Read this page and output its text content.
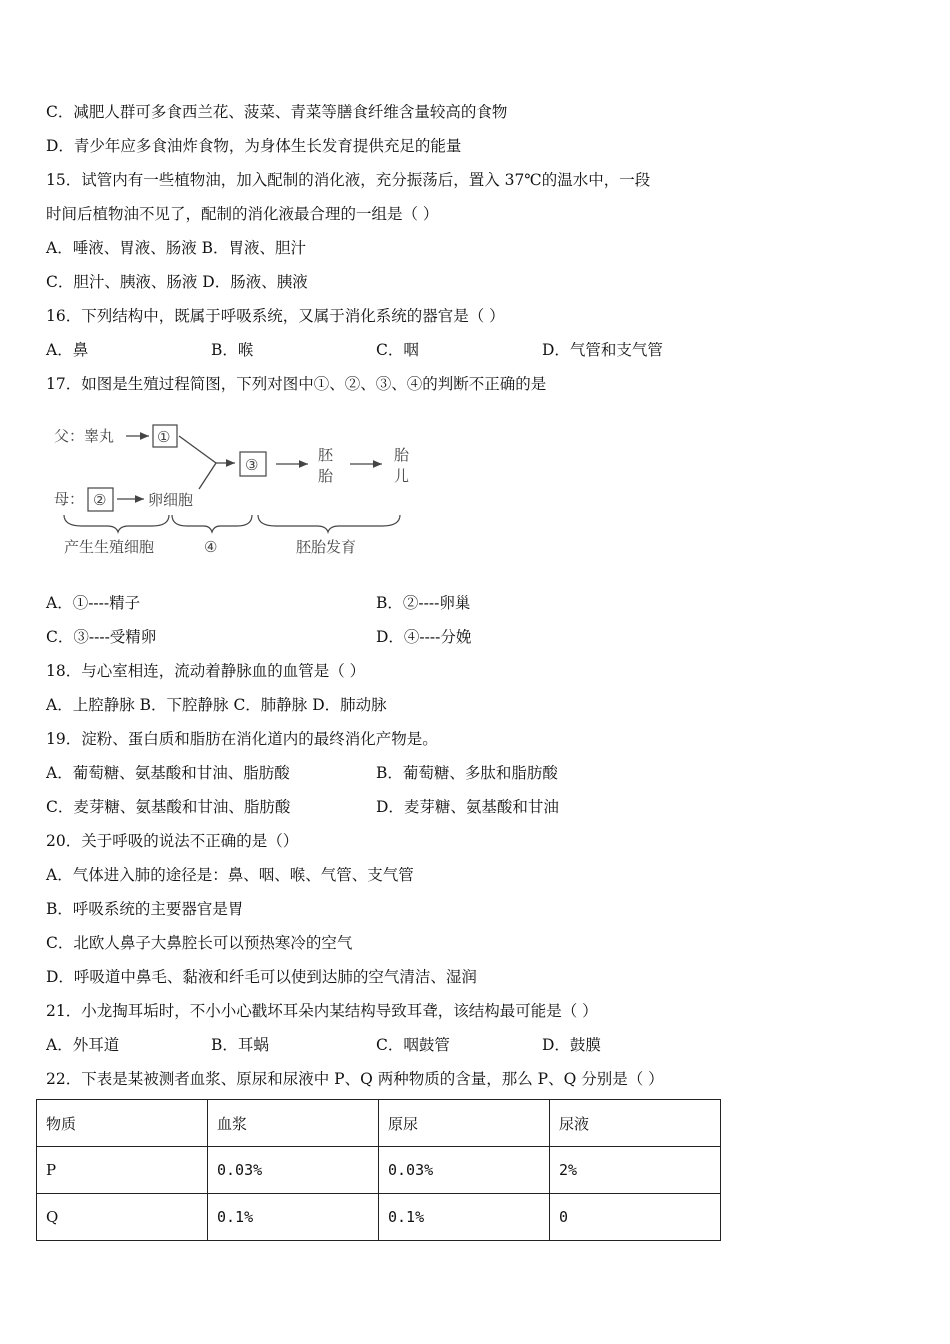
C．减肥人群可多食西兰花、菠菜、青菜等膳食纤维含量较高的食物
D．青少年应多食油炸食物，为身体生长发育提供充足的能量
15．试管内有一些植物油，加入配制的消化液，充分振荡后，置入 37℃的温水中，一段
时间后植物油不见了，配制的消化液最合理的一组是（ ）
A．唾液、胃液、肠液 B．胃液、胆汁
C．胆汁、胰液、肠液 D．肠液、胰液
16．下列结构中，既属于呼吸系统，又属于消化系统的器官是（ ）
A．鼻	B．喉	C．咽	D．气管和支气管
17．如图是生殖过程简图，下列对图中①、②、③、④的判断不正确的是
父：睾丸	①
母： ②	卵细胞
③
胚
胎
胎
儿
产生生殖细胞	④	胚胎发育
A．①----精子	B．②----卵巢
C．③----受精卵	D．④----分娩
18．与心室相连，流动着静脉血的血管是（ ）
A．上腔静脉 B．下腔静脉 C．肺静脉 D．肺动脉
19．淀粉、蛋白质和脂肪在消化道内的最终消化产物是。
A．葡萄糖、氨基酸和甘油、脂肪酸	B．葡萄糖、多肽和脂肪酸
C．麦芽糖、氨基酸和甘油、脂肪酸	D．麦芽糖、氨基酸和甘油
20．关于呼吸的说法不正确的是（）
A．气体进入肺的途径是：鼻、咽、喉、气管、支气管
B．呼吸系统的主要器官是胃
C．北欧人鼻子大鼻腔长可以预热寒冷的空气
D．呼吸道中鼻毛、黏液和纤毛可以使到达肺的空气清洁、湿润
21．小龙掏耳垢时，不小小心戳坏耳朵内某结构导致耳聋，该结构最可能是（ ）
A．外耳道	B．耳蜗	C．咽鼓管	D．鼓膜
22．下表是某被测者血浆、原尿和尿液中 P、Q 两种物质的含量，那么 P、Q 分别是（ ）
物质	血浆	原尿	尿液
P	0.03%	0.03%	2%
Q	0.1%	0.1%	0
